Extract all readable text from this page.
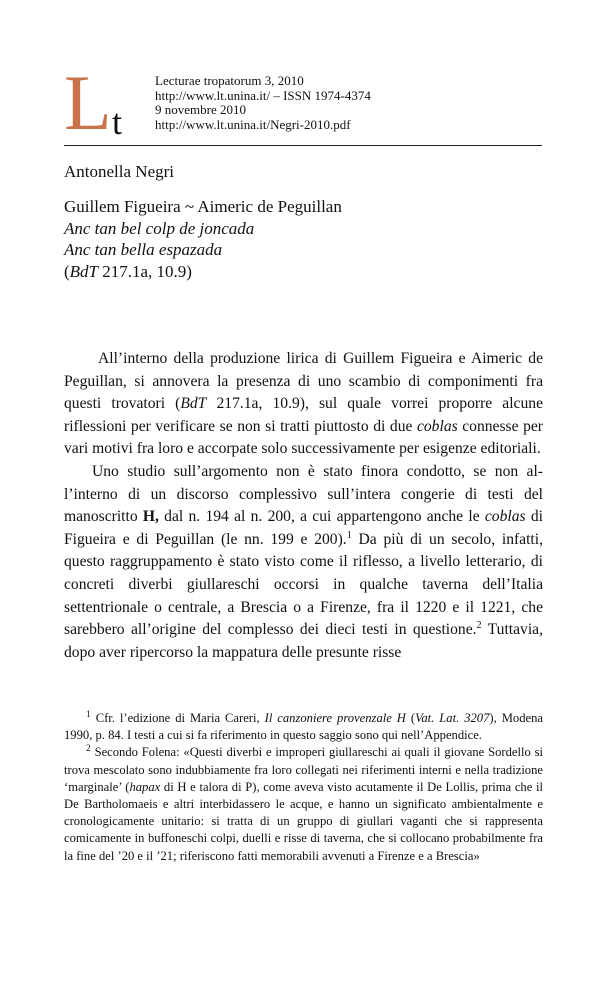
L t
Lecturae tropatorum 3, 2010
http://www.lt.unina.it/ – ISSN 1974-4374
9 novembre 2010
http://www.lt.unina.it/Negri-2010.pdf
Antonella Negri
Guillem Figueira ~ Aimeric de Peguillan
Anc tan bel colp de joncada
Anc tan bella espazada
(BdT 217.1a, 10.9)

All’interno della produzione lirica di Guillem Figueira e Aimeric de Peguillan, si annovera la presenza di uno scambio di componimenti fra questi trovatori (BdT 217.1a, 10.9), sul quale vorrei proporre alcune riflessioni per verificare se non si tratti piuttosto di due coblas connesse per vari motivi fra loro e accorpate solo successivamente per esigenze editoriali.

Uno studio sull’argomento non è stato finora condotto, se non all’interno di un discorso complessivo sull’intera congerie di testi del manoscritto H, dal n. 194 al n. 200, a cui appartengono anche le coblas di Figueira e di Peguillan (le nn. 199 e 200).$^1$ Da più di un secolo, infatti, questo raggruppamento è stato visto come il riflesso, a livello letterario, di concreti diverbi giullareschi occorsi in qualche taverna dell’Italia settentrionale o centrale, a Brescia o a Firenze, fra il 1220 e il 1221, che sarebbero all’origine del complesso dei dieci testi in questione.$^2$ Tuttavia, dopo aver ripercorso la mappatura delle presunte risse

$^1$ Cfr. l’edizione di Maria Careri, Il canzoniere provenzale H (Vat. Lat. 3207), Modena 1990, p. 84. I testi a cui si fa riferimento in questo saggio sono qui nell’Appendice.

$^2$ Secondo Folena: «Questi diverbi e improperi giullareschi ai quali il giovane Sordello si trova mescolato sono indubbiamente fra loro collegati nei riferimenti interni e nella tradizione ‘marginale’ (hapax di H e talora di P), come aveva visto acutamente il De Lollis, prima che il De Bartholomaeis e altri interbidassero le acque, e hanno un significato ambientalmente e cronologicamente unitario: si tratta di un gruppo di giullari vaganti che si rappresenta comicamente in buffoneschi colpi, duelli e risse di taverna, che si collocano probabilmente fra la fine del ’20 e il ’21; riferiscono fatti memorabili avvenuti a Firenze e a Brescia»
